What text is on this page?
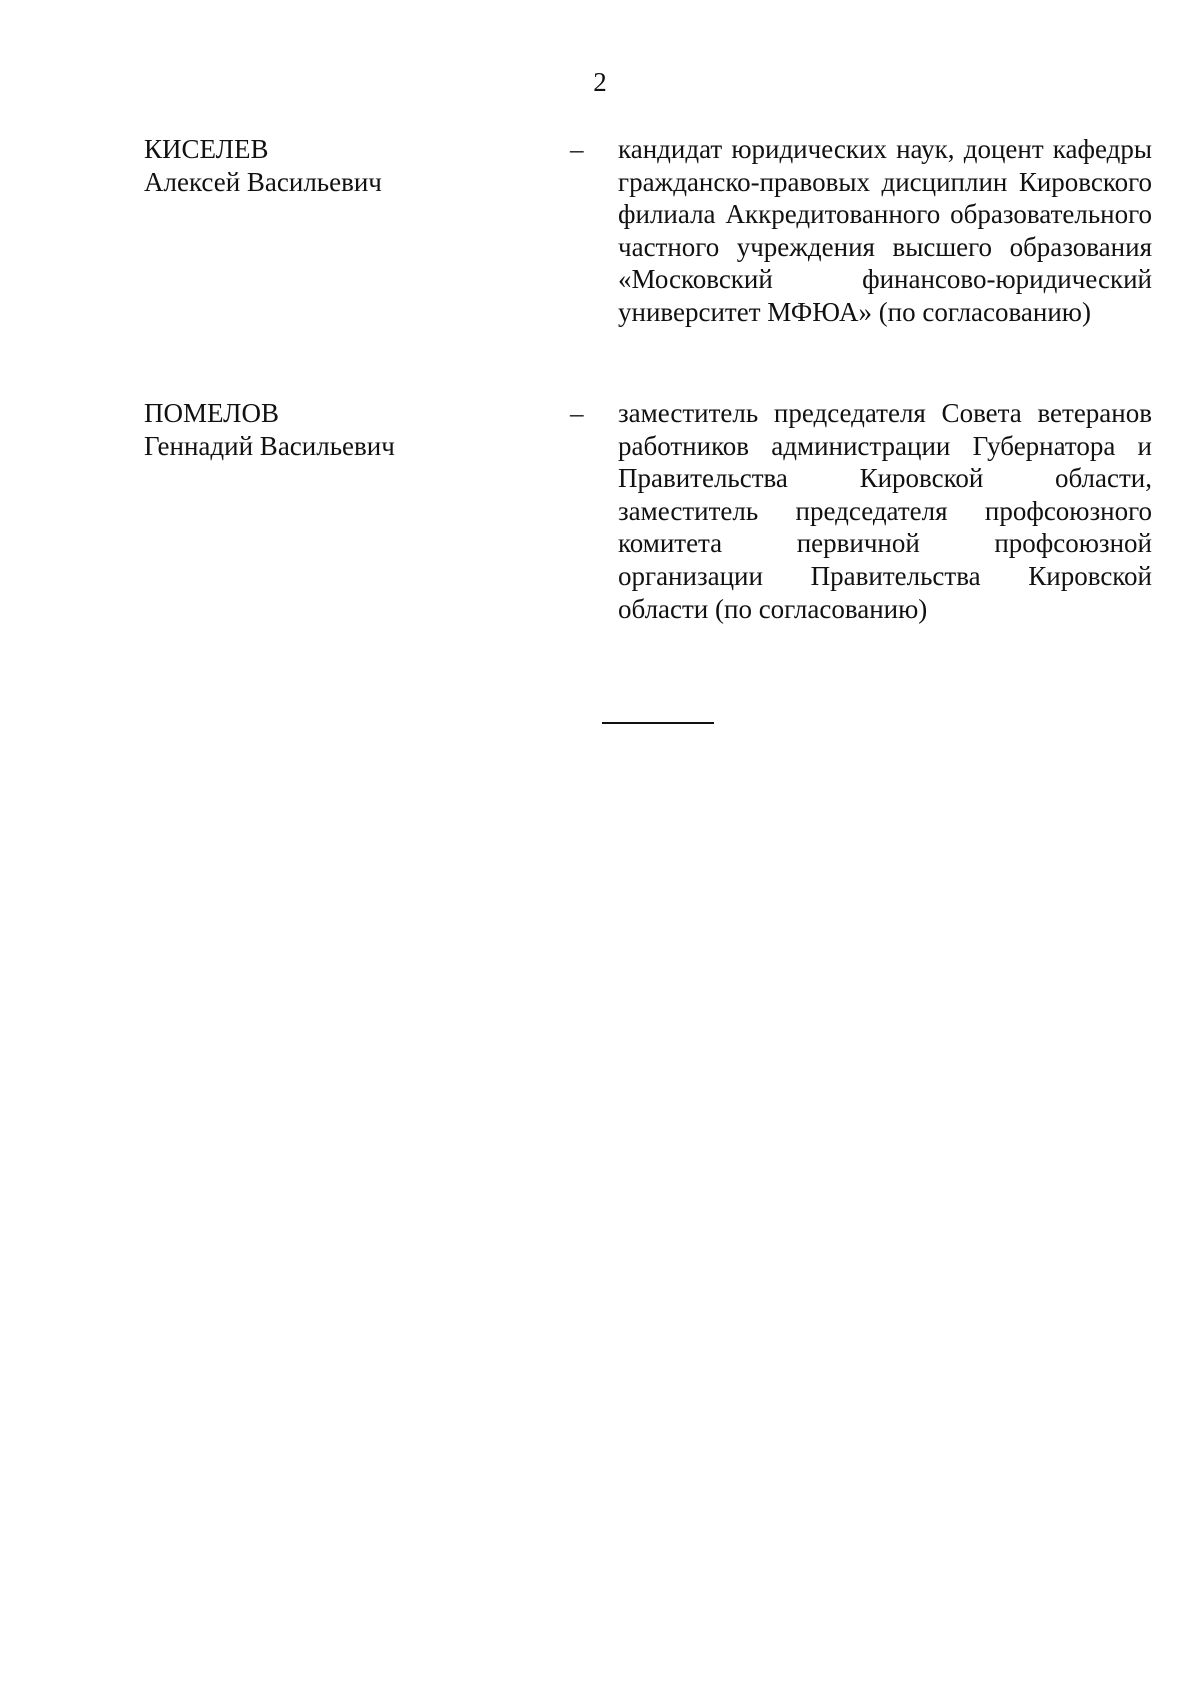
2
КИСЕЛЕВ
Алексей Васильевич
– кандидат юридических наук, доцент кафедры гражданско-правовых дисциплин Кировского филиала Аккредитованного образовательного частного учреждения высшего образования «Московский финансово-юридический университет МФЮА» (по согласованию)
ПОМЕЛОВ
Геннадий Васильевич
– заместитель председателя Совета ветеранов работников администрации Губернатора и Правительства Кировской области, заместитель председателя профсоюзного комитета первичной профсоюзной организации Правительства Кировской области (по согласованию)
